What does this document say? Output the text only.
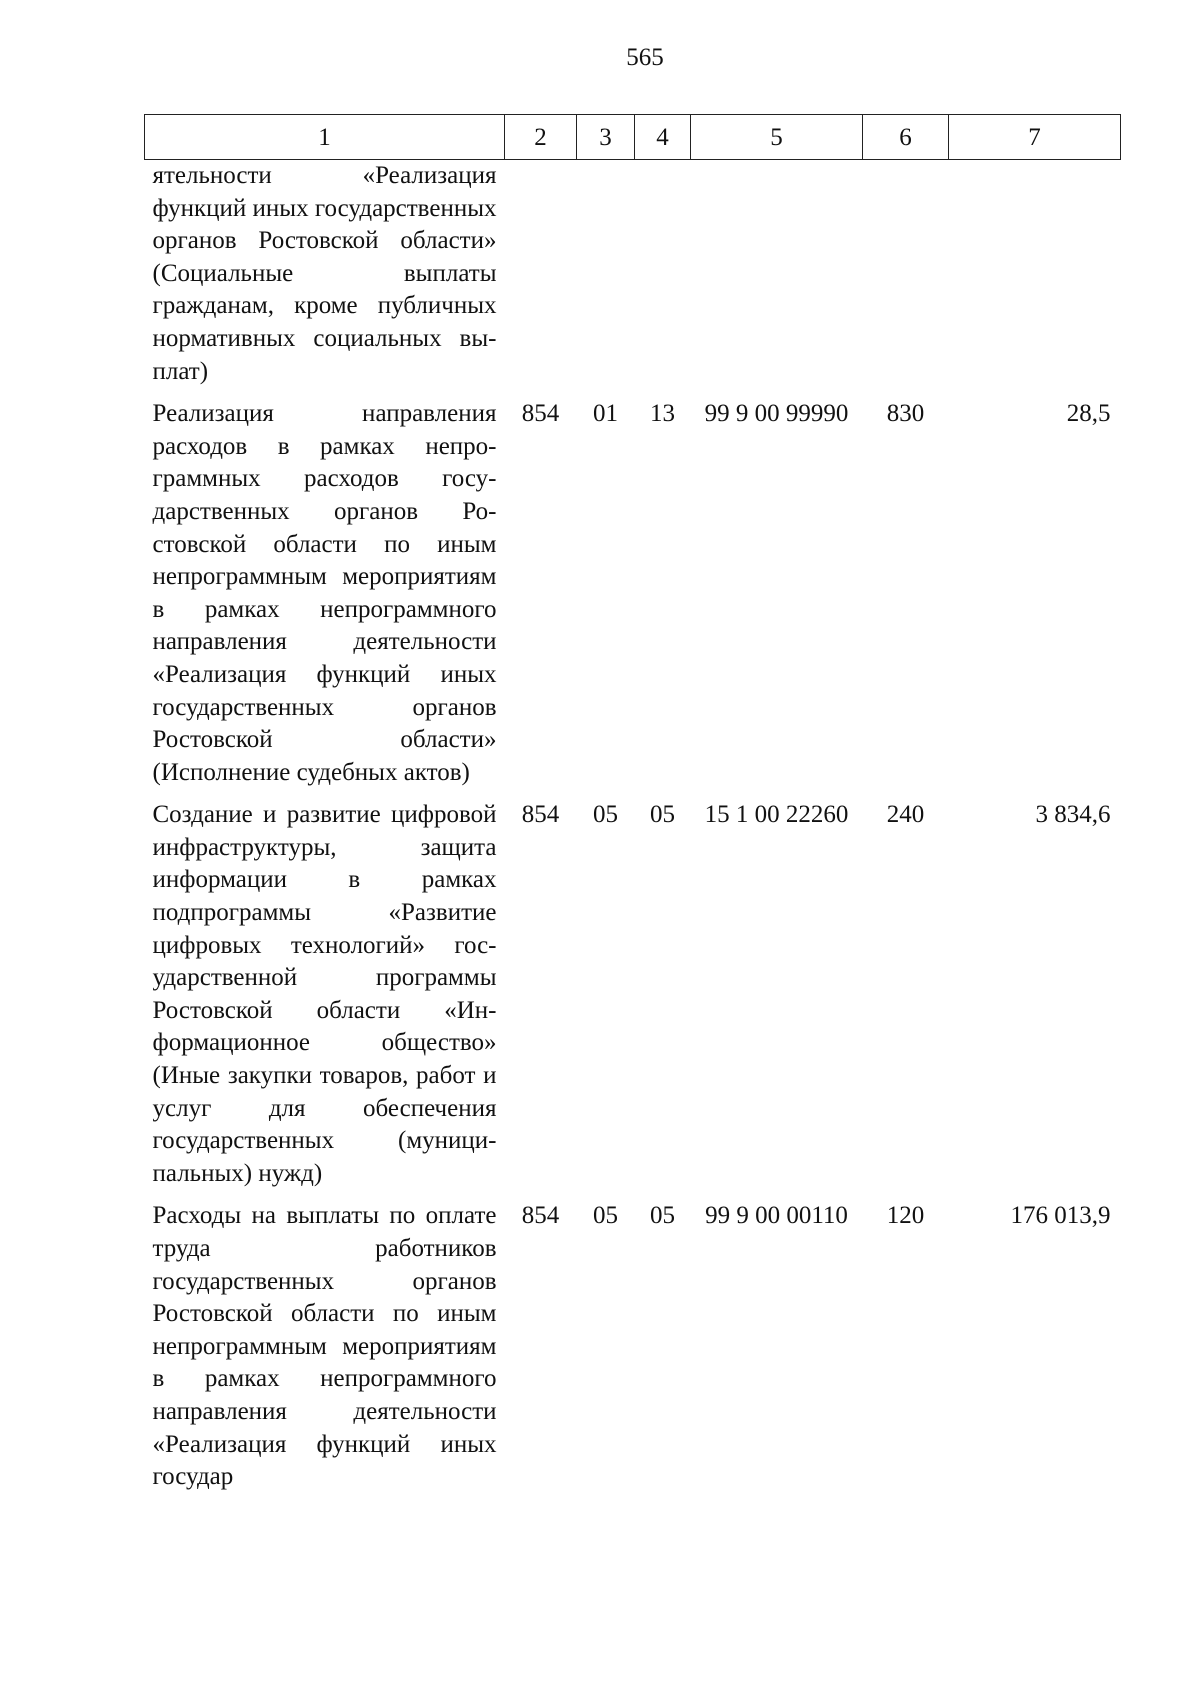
565
1	2	3	4	5	6	7
ятельности «Реализация функций иных государственных органов Ростовской области» (Социальные выплаты гражданам, кроме публичных нормативных социальных выплат)						
Реализация направления расходов в рамках непрограммных расходов государственных органов Ростовской области по иным непрограммным мероприятиям в рамках непрограммного направления деятельности «Реализация функций иных государственных органов Ростовской области» (Исполнение судебных актов)	854	01	13	99 9 00 99990	830	28,5
Создание и развитие цифровой инфраструктуры, защита информации в рамках подпрограммы «Развитие цифровых технологий» государственной программы Ростовской области «Информационное общество» (Иные закупки товаров, работ и услуг для обеспечения государственных (муниципальных) нужд)	854	05	05	15 1 00 22260	240	3 834,6
Расходы на выплаты по оплате труда работников государственных органов Ростовской области по иным непрограммным мероприятиям в рамках непрограммного направления деятельности «Реализация функций иных государ	854	05	05	99 9 00 00110	120	176 013,9
